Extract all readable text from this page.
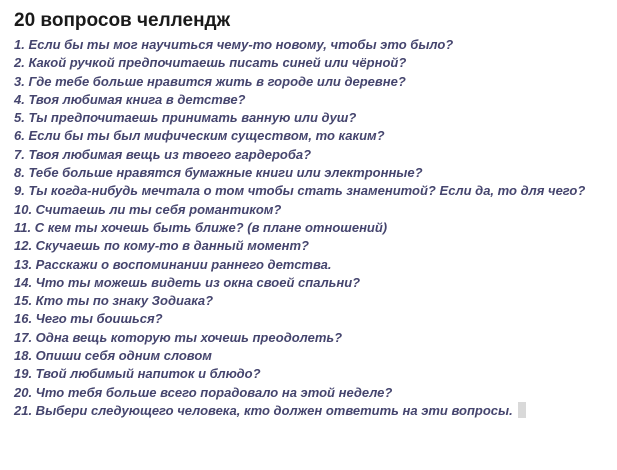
20 вопросов челлендж
1. Если бы ты мог научиться чему-то новому, чтобы это было?
2. Какой ручкой предпочитаешь писать синей или чёрной?
3. Где тебе больше нравится жить в городе или деревне?
4. Твоя любимая книга в детстве?
5. Ты предпочитаешь принимать ванную или душ?
6. Если бы ты был мифическим существом, то каким?
7. Твоя любимая вещь из твоего гардероба?
8. Тебе больше нравятся бумажные книги или электронные?
9. Ты когда-нибудь мечтала о том чтобы стать знаменитой? Если да, то для чего?
10. Считаешь ли ты себя романтиком?
11. С кем ты хочешь быть ближе? (в плане отношений)
12. Скучаешь по кому-то в данный момент?
13. Расскажи о воспоминании раннего детства.
14. Что ты можешь видеть из окна своей спальни?
15. Кто ты по знаку Зодиака?
16. Чего ты боишься?
17. Одна вещь которую ты хочешь преодолеть?
18. Опиши себя одним словом
19. Твой любимый напиток и блюдо?
20. Что тебя больше всего порадовало на этой неделе?
21. Выбери следующего человека, кто должен ответить на эти вопросы.
